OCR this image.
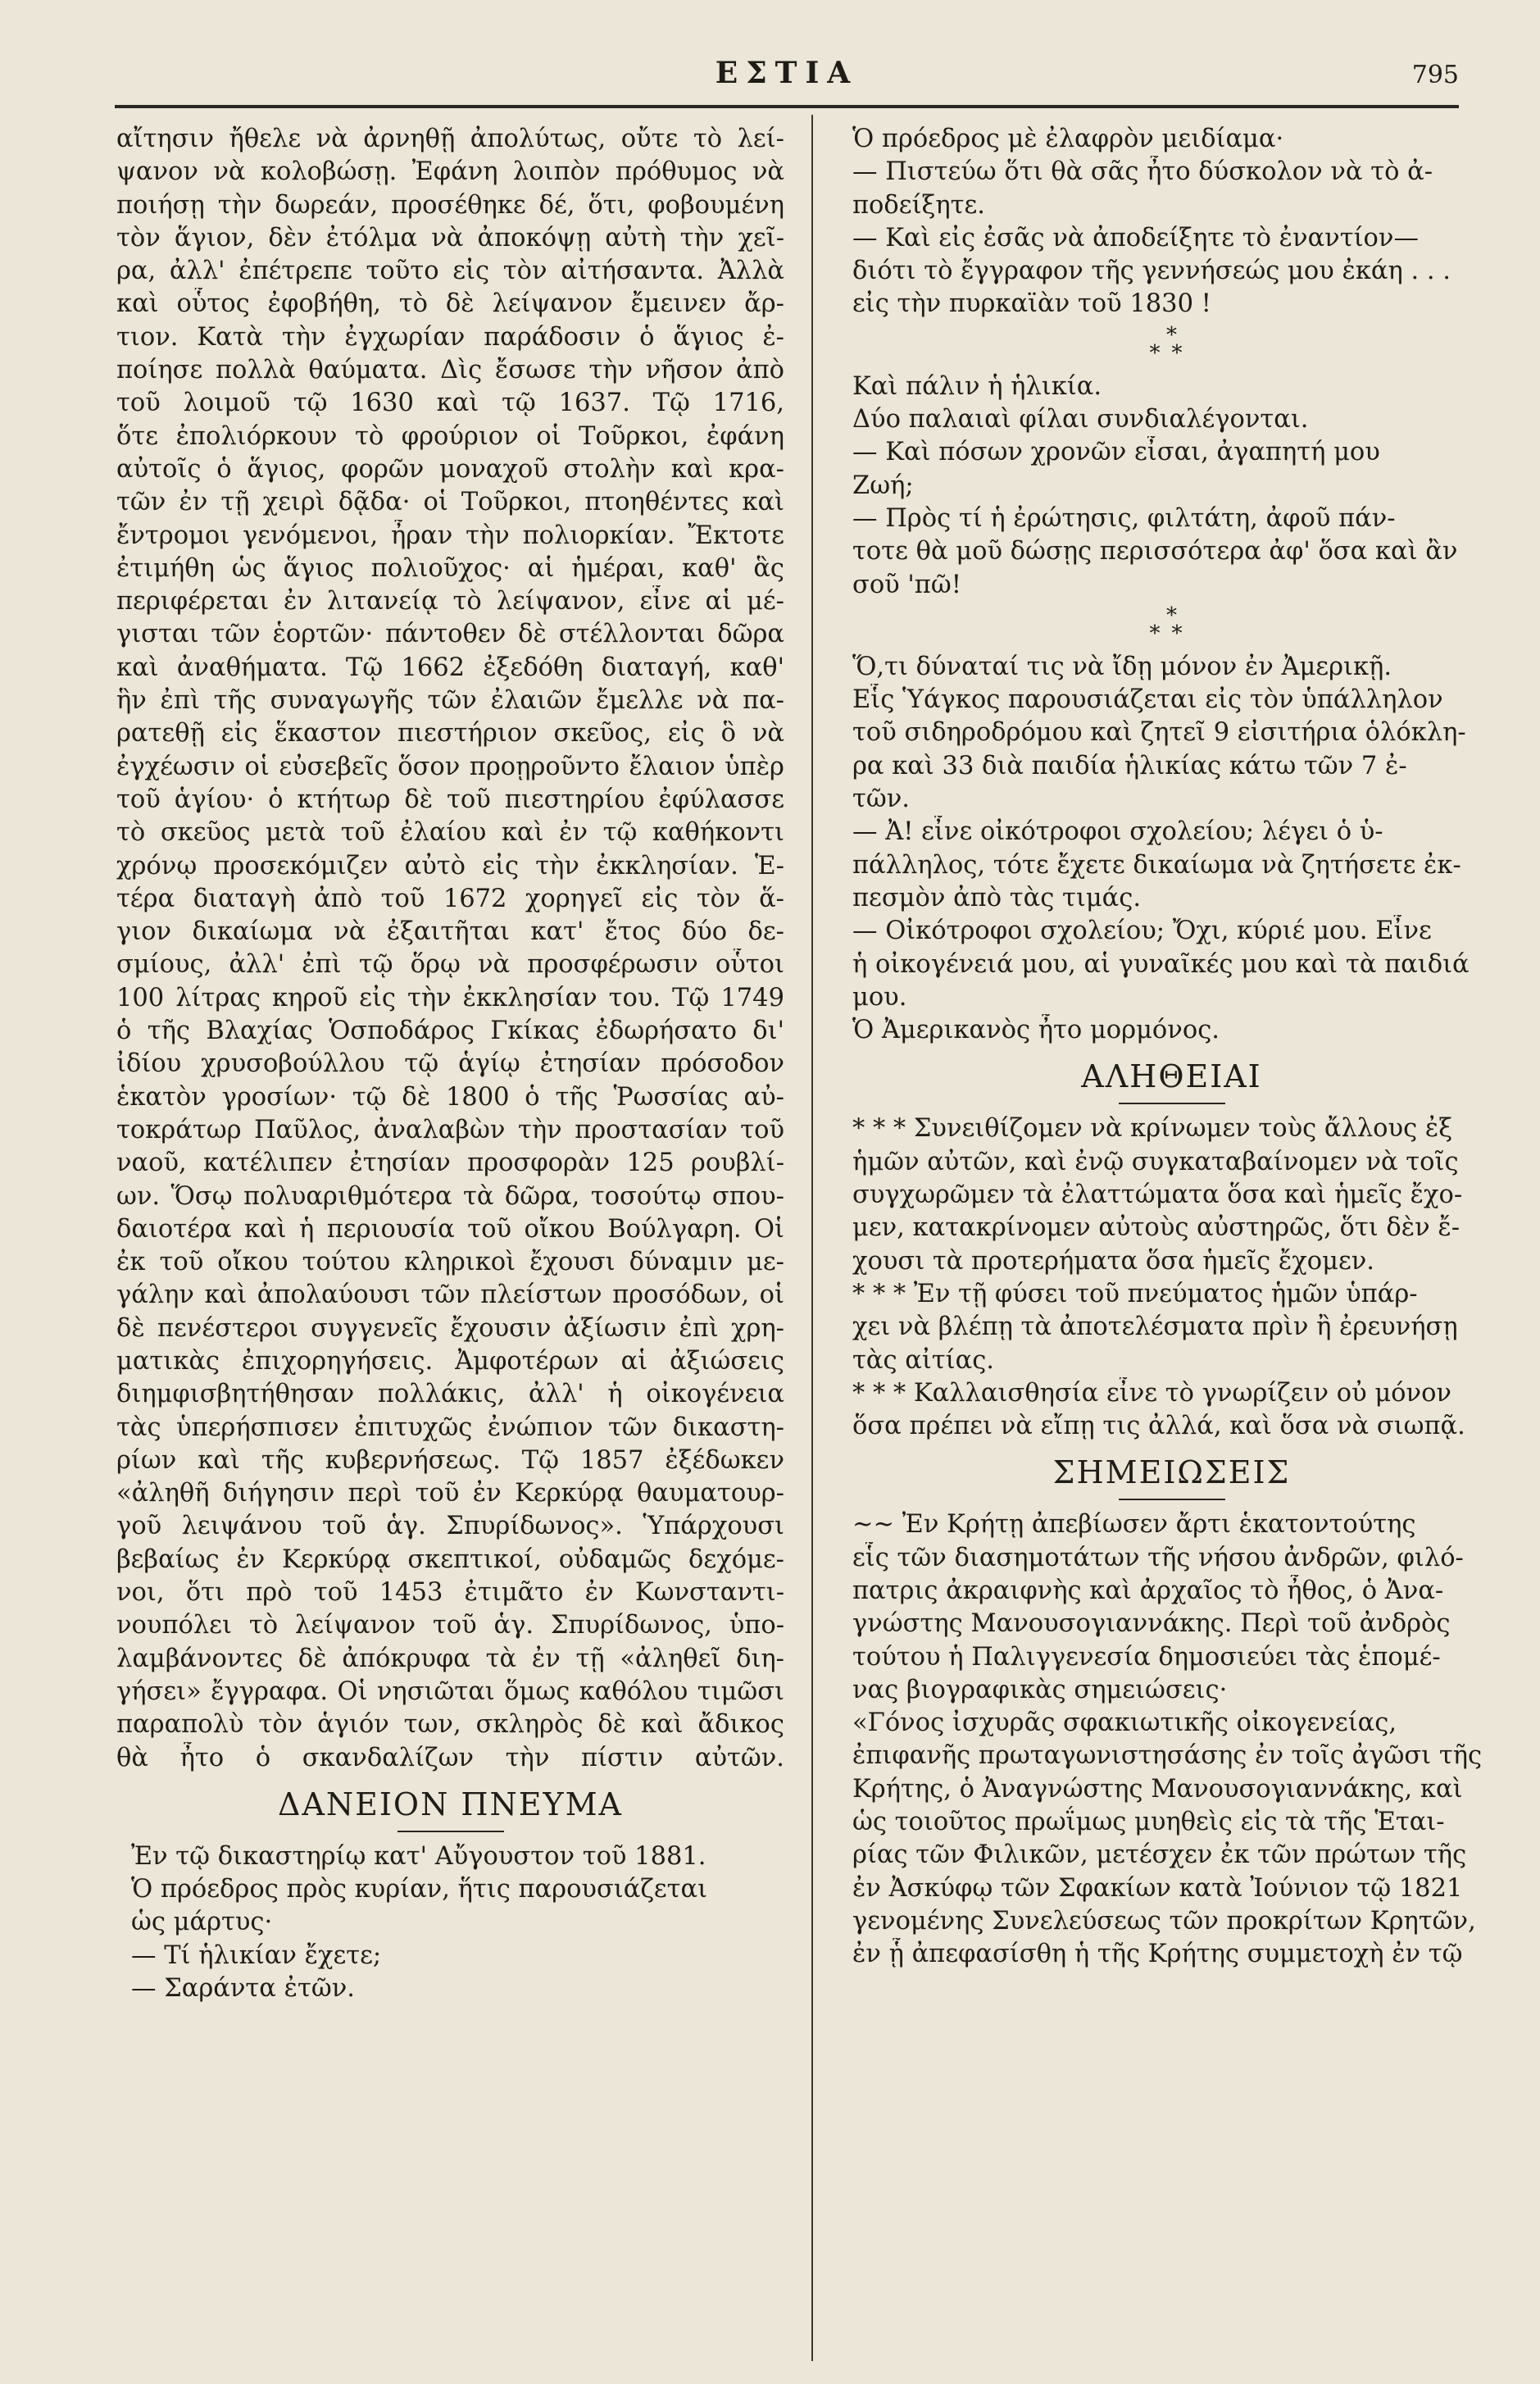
ΕΣΤΙΑ	795
αἴτησιν ἤθελε νὰ ἀρνηθῇ ἀπολύτως, οὔτε τὸ λεί-
ψανον νὰ κολοβώσῃ. Ἐφάνη λοιπὸν πρόθυμος νὰ
ποιήσῃ τὴν δωρεάν, προσέθηκε δέ, ὅτι, φοβουμένη
τὸν ἅγιον, δὲν ἐτόλμα νὰ ἀποκόψῃ αὐτὴ τὴν χεῖ-
ρα, ἀλλ' ἐπέτρεπε τοῦτο εἰς τὸν αἰτήσαντα. Ἀλλὰ
καὶ οὗτος ἐφοβήθη, τὸ δὲ λείψανον ἔμεινεν ἄρ-
τιον. Κατὰ τὴν ἐγχωρίαν παράδοσιν ὁ ἅγιος ἐ-
ποίησε πολλὰ θαύματα. Δὶς ἔσωσε τὴν νῆσον ἀπὸ
τοῦ λοιμοῦ τῷ 1630 καὶ τῷ 1637. Τῷ 1716,
ὅτε ἐπολιόρκουν τὸ φρούριον οἱ Τοῦρκοι, ἐφάνη
αὐτοῖς ὁ ἅγιος, φορῶν μοναχοῦ στολὴν καὶ κρα-
τῶν ἐν τῇ χειρὶ δᾷδα· οἱ Τοῦρκοι, πτοηθέντες καὶ
ἔντρομοι γενόμενοι, ἦραν τὴν πολιορκίαν. Ἔκτοτε
ἐτιμήθη ὡς ἅγιος πολιοῦχος· αἱ ἡμέραι, καθ' ἃς
περιφέρεται ἐν λιτανείᾳ τὸ λείψανον, εἶνε αἱ μέ-
γισται τῶν ἑορτῶν· πάντοθεν δὲ στέλλονται δῶρα
καὶ ἀναθήματα. Τῷ 1662 ἐξεδόθη διαταγή, καθ'
ἣν ἐπὶ τῆς συναγωγῆς τῶν ἐλαιῶν ἔμελλε νὰ πα-
ρατεθῇ εἰς ἕκαστον πιεστήριον σκεῦος, εἰς ὃ νὰ
ἐγχέωσιν οἱ εὐσεβεῖς ὅσον προῃροῦντο ἔλαιον ὑπὲρ
τοῦ ἁγίου· ὁ κτήτωρ δὲ τοῦ πιεστηρίου ἐφύλασσε
τὸ σκεῦος μετὰ τοῦ ἐλαίου καὶ ἐν τῷ καθήκοντι
χρόνῳ προσεκόμιζεν αὐτὸ εἰς τὴν ἐκκλησίαν. Ἑ-
τέρα διαταγὴ ἀπὸ τοῦ 1672 χορηγεῖ εἰς τὸν ἅ-
γιον δικαίωμα νὰ ἐξαιτῆται κατ' ἔτος δύο δε-
σμίους, ἀλλ' ἐπὶ τῷ ὅρῳ νὰ προσφέρωσιν οὗτοι
100 λίτρας κηροῦ εἰς τὴν ἐκκλησίαν του. Τῷ 1749
ὁ τῆς Βλαχίας Ὁσποδάρος Γκίκας ἐδωρήσατο δι'
ἰδίου χρυσοβούλλου τῷ ἁγίῳ ἐτησίαν πρόσοδον
ἑκατὸν γροσίων· τῷ δὲ 1800 ὁ τῆς Ῥωσσίας αὐ-
τοκράτωρ Παῦλος, ἀναλαβὼν τὴν προστασίαν τοῦ
ναοῦ, κατέλιπεν ἐτησίαν προσφορὰν 125 ρουβλί-
ων. Ὅσῳ πολυαριθμότερα τὰ δῶρα, τοσούτῳ σπου-
δαιοτέρα καὶ ἡ περιουσία τοῦ οἴκου Βούλγαρη. Οἱ
ἐκ τοῦ οἴκου τούτου κληρικοὶ ἔχουσι δύναμιν με-
γάλην καὶ ἀπολαύουσι τῶν πλείστων προσόδων, οἱ
δὲ πενέστεροι συγγενεῖς ἔχουσιν ἀξίωσιν ἐπὶ χρη-
ματικὰς ἐπιχορηγήσεις. Ἀμφοτέρων αἱ ἀξιώσεις
διημφισβητήθησαν πολλάκις, ἀλλ' ἡ οἰκογένεια
τὰς ὑπερήσπισεν ἐπιτυχῶς ἐνώπιον τῶν δικαστη-
ρίων καὶ τῆς κυβερνήσεως. Τῷ 1857 ἐξέδωκεν
«ἀληθῆ διήγησιν περὶ τοῦ ἐν Κερκύρᾳ θαυματουρ-
γοῦ λειψάνου τοῦ ἁγ. Σπυρίδωνος». Ὑπάρχουσι
βεβαίως ἐν Κερκύρᾳ σκεπτικοί, οὐδαμῶς δεχόμε-
νοι, ὅτι πρὸ τοῦ 1453 ἐτιμᾶτο ἐν Κωνσταντι-
νουπόλει τὸ λείψανον τοῦ ἁγ. Σπυρίδωνος, ὑπο-
λαμβάνοντες δὲ ἀπόκρυφα τὰ ἐν τῇ «ἀληθεῖ διη-
γήσει» ἔγγραφα. Οἱ νησιῶται ὅμως καθόλου τιμῶσι
παραπολὺ τὸν ἁγιόν των, σκληρὸς δὲ καὶ ἄδικος
θὰ ἦτο ὁ σκανδαλίζων τὴν πίστιν αὐτῶν.
ΔΑΝΕΙΟΝ ΠΝΕΥΜΑ
Ἐν τῷ δικαστηρίῳ κατ' Αὔγουστον τοῦ 1881.
Ὁ πρόεδρος πρὸς κυρίαν, ἥτις παρουσιάζεται
ὡς μάρτυς·
— Τί ἡλικίαν ἔχετε;
— Σαράντα ἐτῶν.
Ὁ πρόεδρος μὲ ἐλαφρὸν μειδίαμα·
— Πιστεύω ὅτι θὰ σᾶς ἦτο δύσκολον νὰ τὸ ἀ-
ποδείξητε.
— Καὶ εἰς ἐσᾶς νὰ ἀποδείξητε τὸ ἐναντίον—
διότι τὸ ἔγγραφον τῆς γεννήσεώς μου ἐκάη . . .
εἰς τὴν πυρκαϊὰν τοῦ 1830 !
*
**
Καὶ πάλιν ἡ ἡλικία.
Δύο παλαιαὶ φίλαι συνδιαλέγονται.
— Καὶ πόσων χρονῶν εἶσαι, ἀγαπητή μου
Ζωή;
— Πρὸς τί ἡ ἐρώτησις, φιλτάτη, ἀφοῦ πάν-
τοτε θὰ μοῦ δώσῃς περισσότερα ἀφ' ὅσα καὶ ἂν
σοῦ 'πῶ!
*
**
Ὅ,τι δύναταί τις νὰ ἴδῃ μόνον ἐν Ἀμερικῇ.
Εἷς Ὑάγκος παρουσιάζεται εἰς τὸν ὑπάλληλον
τοῦ σιδηροδρόμου καὶ ζητεῖ 9 εἰσιτήρια ὁλόκλη-
ρα καὶ 33 διὰ παιδία ἡλικίας κάτω τῶν 7 ἐ-
τῶν.
— Ἀ! εἶνε οἰκότροφοι σχολείου; λέγει ὁ ὑ-
πάλληλος, τότε ἔχετε δικαίωμα νὰ ζητήσετε ἐκ-
πεσμὸν ἀπὸ τὰς τιμάς.
— Οἰκότροφοι σχολείου; Ὄχι, κύριέ μου. Εἶνε
ἡ οἰκογένειά μου, αἱ γυναῖκές μου καὶ τὰ παιδιά
μου.
Ὁ Ἀμερικανὸς ἦτο μορμόνος.
ΑΛΗΘΕΙΑΙ
* * * Συνειθίζομεν νὰ κρίνωμεν τοὺς ἄλλους ἐξ
ἡμῶν αὐτῶν, καὶ ἐνῷ συγκαταβαίνομεν νὰ τοῖς
συγχωρῶμεν τὰ ἐλαττώματα ὅσα καὶ ἡμεῖς ἔχο-
μεν, κατακρίνομεν αὐτοὺς αὐστηρῶς, ὅτι δὲν ἔ-
χουσι τὰ προτερήματα ὅσα ἡμεῖς ἔχομεν.
* * * Ἐν τῇ φύσει τοῦ πνεύματος ἡμῶν ὑπάρ-
χει νὰ βλέπῃ τὰ ἀποτελέσματα πρὶν ἢ ἐρευνήσῃ
τὰς αἰτίας.
* * * Καλλαισθησία εἶνε τὸ γνωρίζειν οὐ μόνον
ὅσα πρέπει νὰ εἴπῃ τις ἀλλά, καὶ ὅσα νὰ σιωπᾷ.
ΣΗΜΕΙΩΣΕΙΣ
~~ Ἐν Κρήτῃ ἀπεβίωσεν ἄρτι ἑκατοντούτης
εἷς τῶν διασημοτάτων τῆς νήσου ἀνδρῶν, φιλό-
πατρις ἀκραιφνὴς καὶ ἀρχαῖος τὸ ἦθος, ὁ Ἀνα-
γνώστης Μανουσογιαννάκης. Περὶ τοῦ ἀνδρὸς
τούτου ἡ Παλιγγενεσία δημοσιεύει τὰς ἑπομέ-
νας βιογραφικὰς σημειώσεις·
«Γόνος ἰσχυρᾶς σφακιωτικῆς οἰκογενείας,
ἐπιφανῆς πρωταγωνιστησάσης ἐν τοῖς ἀγῶσι τῆς
Κρήτης, ὁ Ἀναγνώστης Μανουσογιαννάκης, καὶ
ὡς τοιοῦτος πρωΐμως μυηθεὶς εἰς τὰ τῆς Ἑται-
ρίας τῶν Φιλικῶν, μετέσχεν ἐκ τῶν πρώτων τῆς
ἐν Ἀσκύφῳ τῶν Σφακίων κατὰ Ἰούνιον τῷ 1821
γενομένης Συνελεύσεως τῶν προκρίτων Κρητῶν,
ἐν ᾗ ἀπεφασίσθη ἡ τῆς Κρήτης συμμετοχὴ ἐν τῷ
